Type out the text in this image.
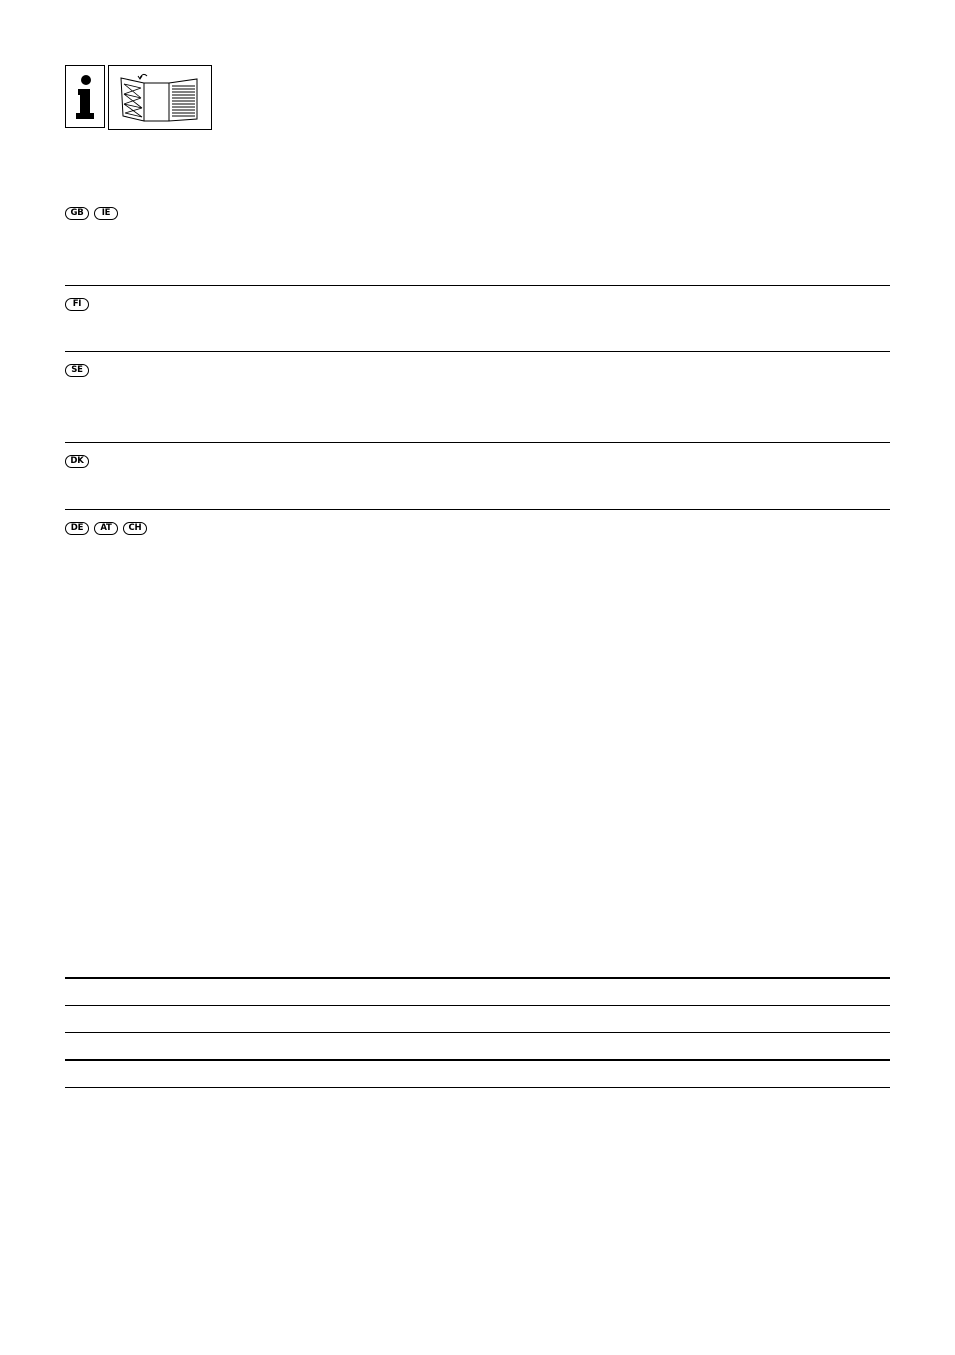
GB	IE
FI
SE
DK
DE	AT	CH
